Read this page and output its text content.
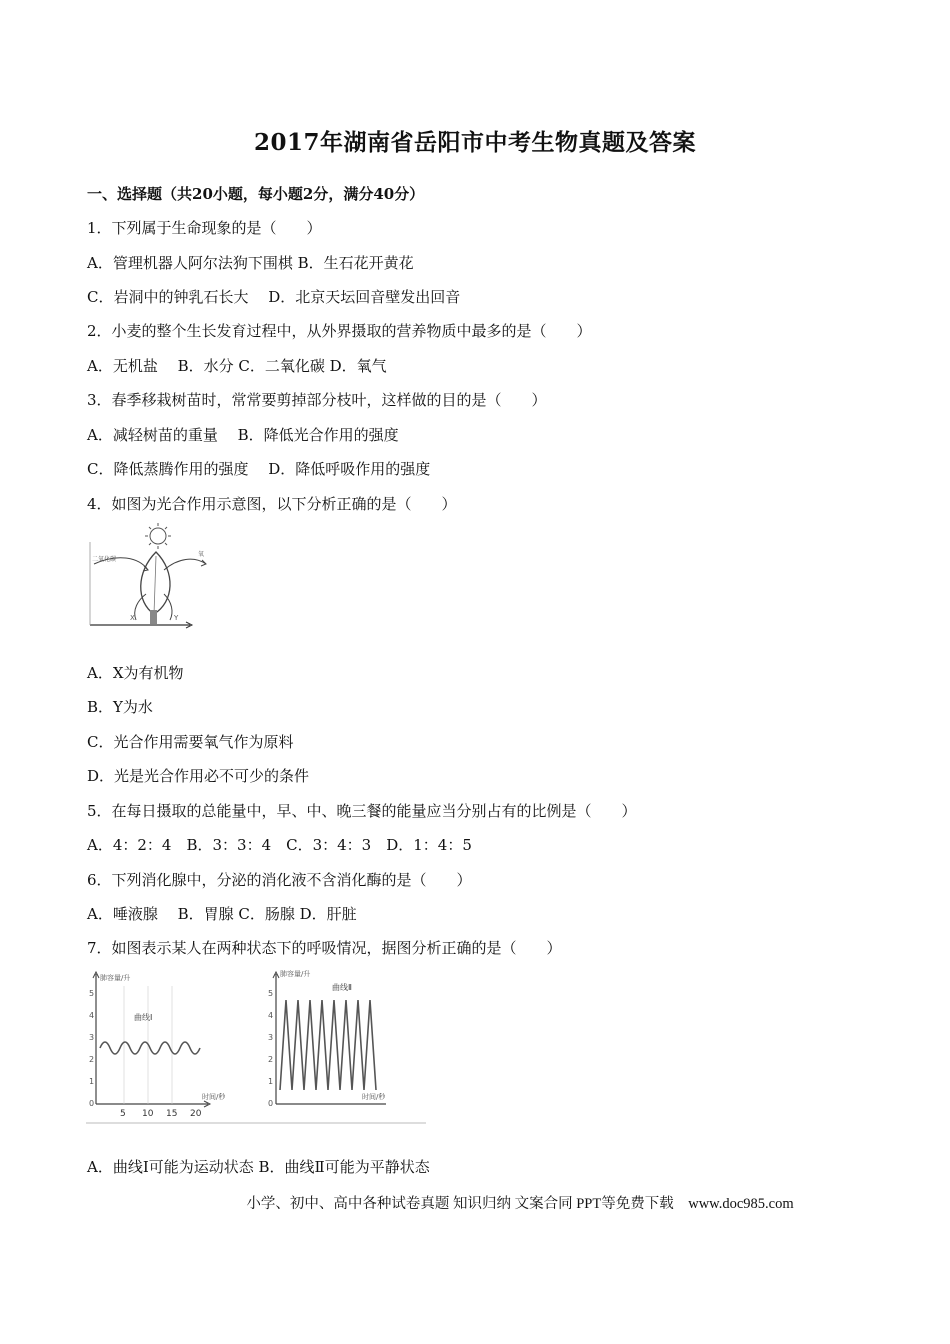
2017年湖南省岳阳市中考生物真题及答案
一、选择题（共20小题，每小题2分，满分40分）
1．下列属于生命现象的是（　　）
A．管理机器人阿尔法狗下围棋 B．生石花开黄花
C．岩洞中的钟乳石长大　 D．北京天坛回音壁发出回音
2．小麦的整个生长发育过程中，从外界摄取的营养物质中最多的是（　　）
A．无机盐　 B．水分 C．二氧化碳 D．氧气
3．春季移栽树苗时，常常要剪掉部分枝叶，这样做的目的是（　　）
A．减轻树苗的重量　 B．降低光合作用的强度
C．降低蒸腾作用的强度　 D．降低呼吸作用的强度
4．如图为光合作用示意图，以下分析正确的是（　　）
二氧化碳
氧
X	Y
A．X为有机物
B．Y为水
C．光合作用需要氧气作为原料
D．光是光合作用必不可少的条件
5．在每日摄取的总能量中，早、中、晚三餐的能量应当分别占有的比例是（　　）
A．4：2：4　B．3：3：4　C．3：4：3　D．1：4：5
6．下列消化腺中，分泌的消化液不含消化酶的是（　　）
A．唾液腺　 B．胃腺 C．肠腺 D．肝脏
7．如图表示某人在两种状态下的呼吸情况，据图分析正确的是（　　）
肺容量/升
时间/秒
曲线Ⅰ
0
1
2
3
4
5
5 10 15 20
肺容量/升
时间/秒
曲线Ⅱ
0
1
2
3
4
5
A．曲线Ⅰ可能为运动状态 B．曲线Ⅱ可能为平静状态
小学、初中、高中各种试卷真题 知识归纳 文案合同 PPT等免费下载　www.doc985.com
